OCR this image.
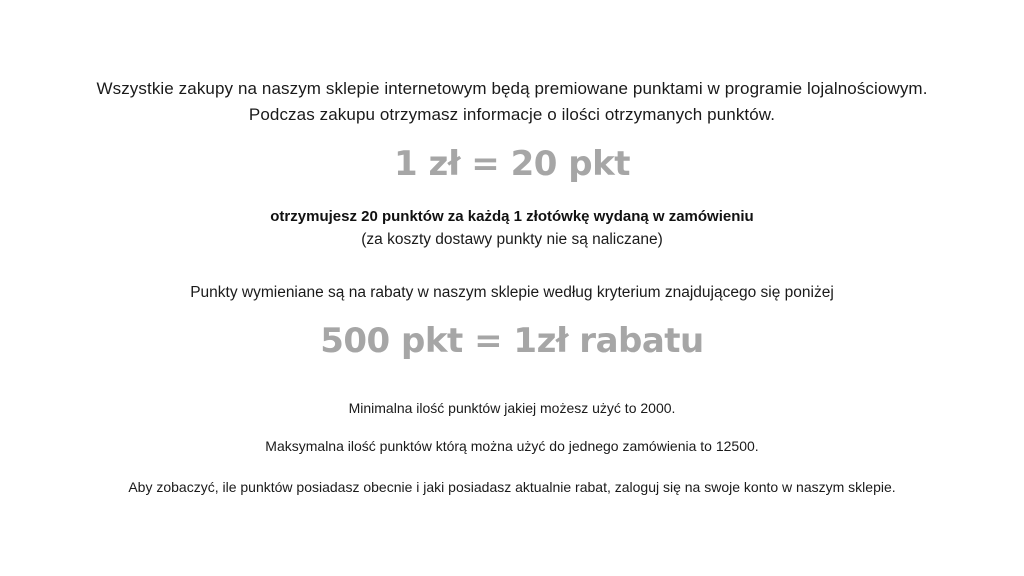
Wszystkie zakupy na naszym sklepie internetowym będą premiowane punktami w programie lojalnościowym.
Podczas zakupu otrzymasz informacje o ilości otrzymanych punktów.
1 zł = 20 pkt
otrzymujesz 20 punktów za każdą 1 złotówkę wydaną w zamówieniu
(za koszty dostawy punkty nie są naliczane)
Punkty wymieniane są na rabaty w naszym sklepie według kryterium znajdującego się poniżej
500 pkt = 1zł rabatu
Minimalna ilość punktów jakiej możesz użyć to 2000.
Maksymalna ilość punktów którą można użyć do jednego zamówienia to 12500.
Aby zobaczyć, ile punktów posiadasz obecnie i jaki posiadasz aktualnie rabat, zaloguj się na swoje konto w naszym sklepie.
